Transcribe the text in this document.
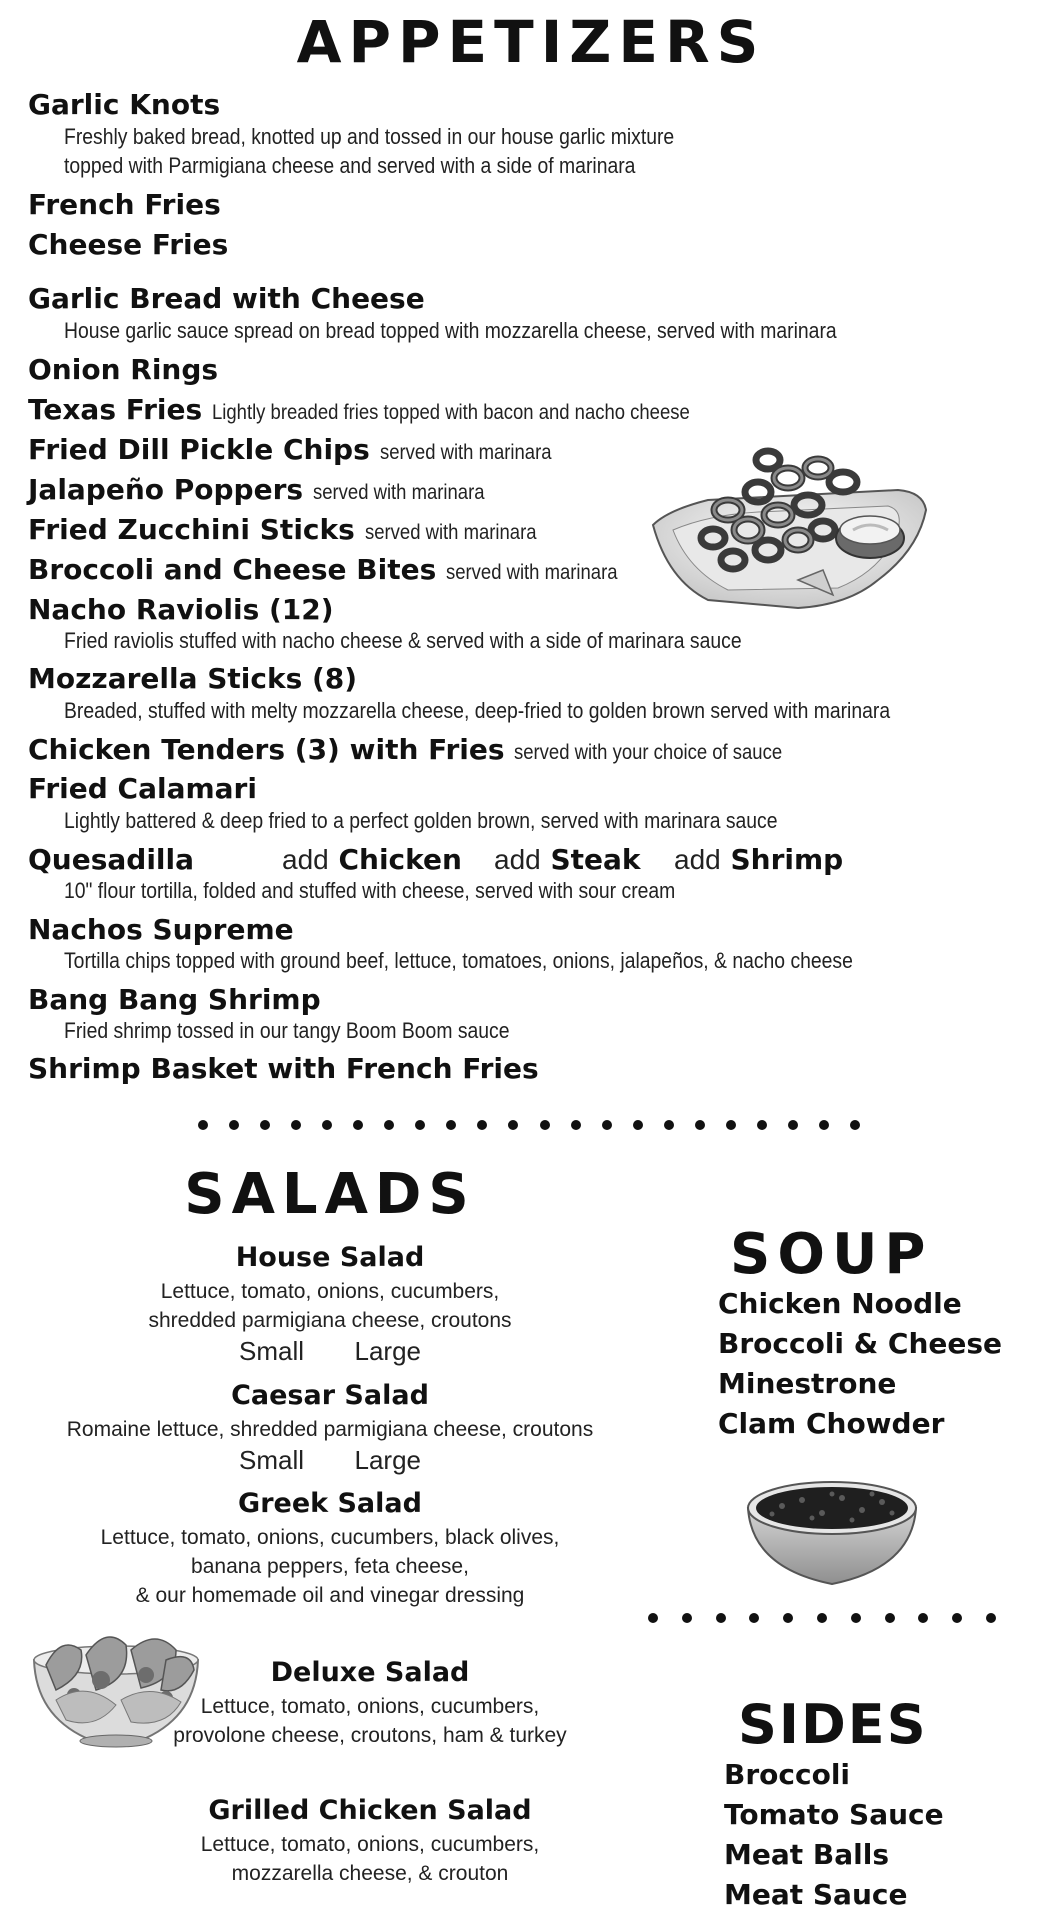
APPETIZERS
Garlic Knots
Freshly baked bread, knotted up and tossed in our house garlic mixture
topped with Parmigiana cheese and served with a side of marinara
French Fries
Cheese Fries
Garlic Bread with Cheese
House garlic sauce spread on bread topped with mozzarella cheese, served with marinara
Onion Rings
Texas Fries Lightly breaded fries topped with bacon and nacho cheese
Fried Dill Pickle Chips served with marinara
Jalapeño Poppers served with marinara
Fried Zucchini Sticks served with marinara
Broccoli and Cheese Bites served with marinara
Nacho Raviolis (12)
Fried raviolis stuffed with nacho cheese & served with a side of marinara sauce
Mozzarella Sticks (8)
Breaded, stuffed with melty mozzarella cheese, deep-fried to golden brown served with marinara
Chicken Tenders (3) with Fries served with your choice of sauce
Fried Calamari
Lightly battered & deep fried to a perfect golden brown, served with marinara sauce
Quesadilla	add Chicken add Steak add Shrimp
10" flour tortilla, folded and stuffed with cheese, served with sour cream
Nachos Supreme
Tortilla chips topped with ground beef, lettuce, tomatoes, onions, jalapeños, & nacho cheese
Bang Bang Shrimp
Fried shrimp tossed in our tangy Boom Boom sauce
Shrimp Basket with French Fries
SALADS
House Salad
Lettuce, tomato, onions, cucumbers,
shredded parmigiana cheese, croutons
Small Large
Caesar Salad
Romaine lettuce, shredded parmigiana cheese, croutons
Small Large
Greek Salad
Lettuce, tomato, onions, cucumbers, black olives,
banana peppers, feta cheese,
& our homemade oil and vinegar dressing
Deluxe Salad
Lettuce, tomato, onions, cucumbers,
provolone cheese, croutons, ham & turkey
Grilled Chicken Salad
Lettuce, tomato, onions, cucumbers,
mozzarella cheese, & crouton
SOUP
Chicken Noodle
Broccoli & Cheese
Minestrone
Clam Chowder
SIDES
Broccoli
Tomato Sauce
Meat Balls
Meat Sauce
